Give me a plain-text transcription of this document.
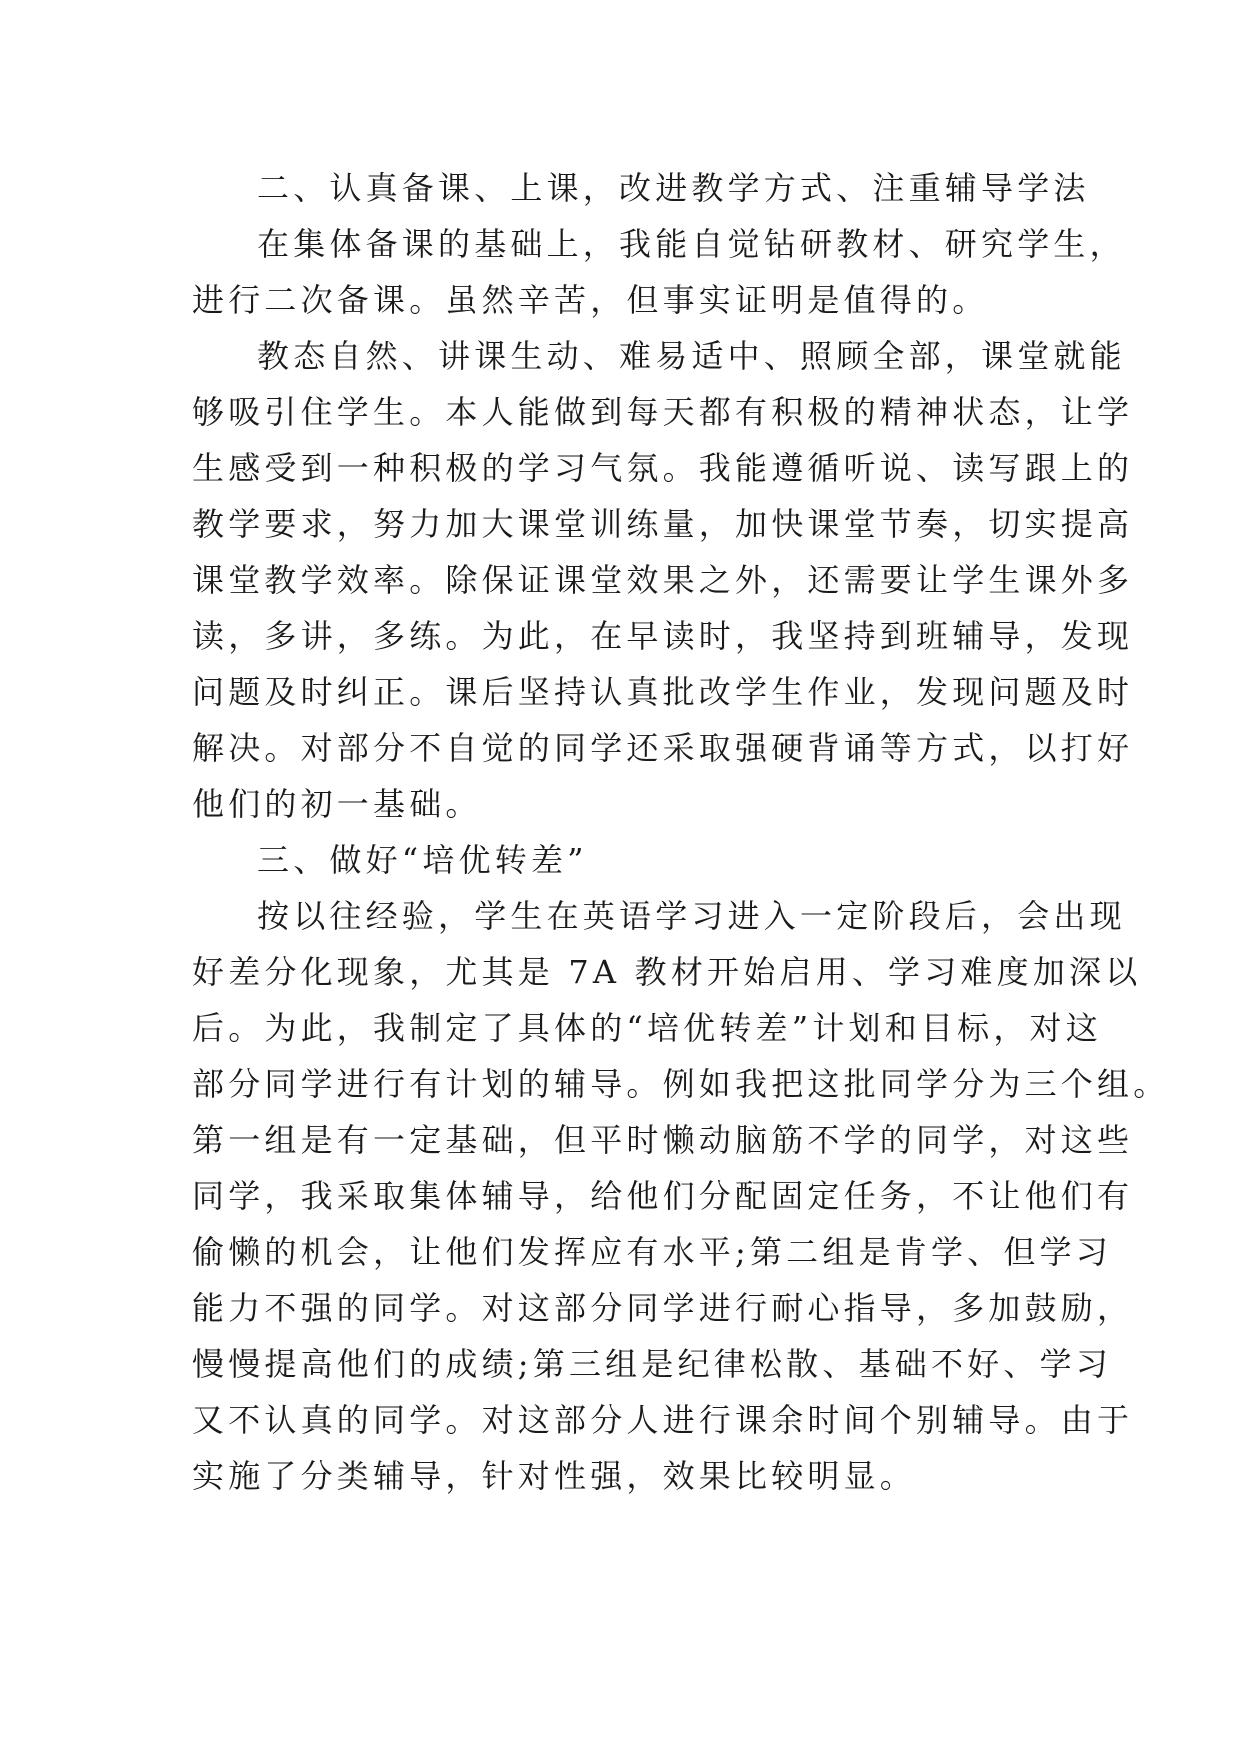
二、认真备课、上课，改进教学方式、注重辅导学法
在集体备课的基础上，我能自觉钻研教材、研究学生，
进行二次备课。虽然辛苦，但事实证明是值得的。
教态自然、讲课生动、难易适中、照顾全部，课堂就能
够吸引住学生。本人能做到每天都有积极的精神状态，让学
生感受到一种积极的学习气氛。我能遵循听说、读写跟上的
教学要求，努力加大课堂训练量，加快课堂节奏，切实提高
课堂教学效率。除保证课堂效果之外，还需要让学生课外多
读，多讲，多练。为此，在早读时，我坚持到班辅导，发现
问题及时纠正。课后坚持认真批改学生作业，发现问题及时
解决。对部分不自觉的同学还采取强硬背诵等方式，以打好
他们的初一基础。
三、做好“培优转差”
按以往经验，学生在英语学习进入一定阶段后，会出现
好差分化现象，尤其是 7A 教材开始启用、学习难度加深以
后。为此，我制定了具体的“培优转差”计划和目标，对这
部分同学进行有计划的辅导。例如我把这批同学分为三个组。
第一组是有一定基础，但平时懒动脑筋不学的同学，对这些
同学，我采取集体辅导，给他们分配固定任务，不让他们有
偷懒的机会，让他们发挥应有水平;第二组是肯学、但学习
能力不强的同学。对这部分同学进行耐心指导，多加鼓励，
慢慢提高他们的成绩;第三组是纪律松散、基础不好、学习
又不认真的同学。对这部分人进行课余时间个别辅导。由于
实施了分类辅导，针对性强，效果比较明显。
